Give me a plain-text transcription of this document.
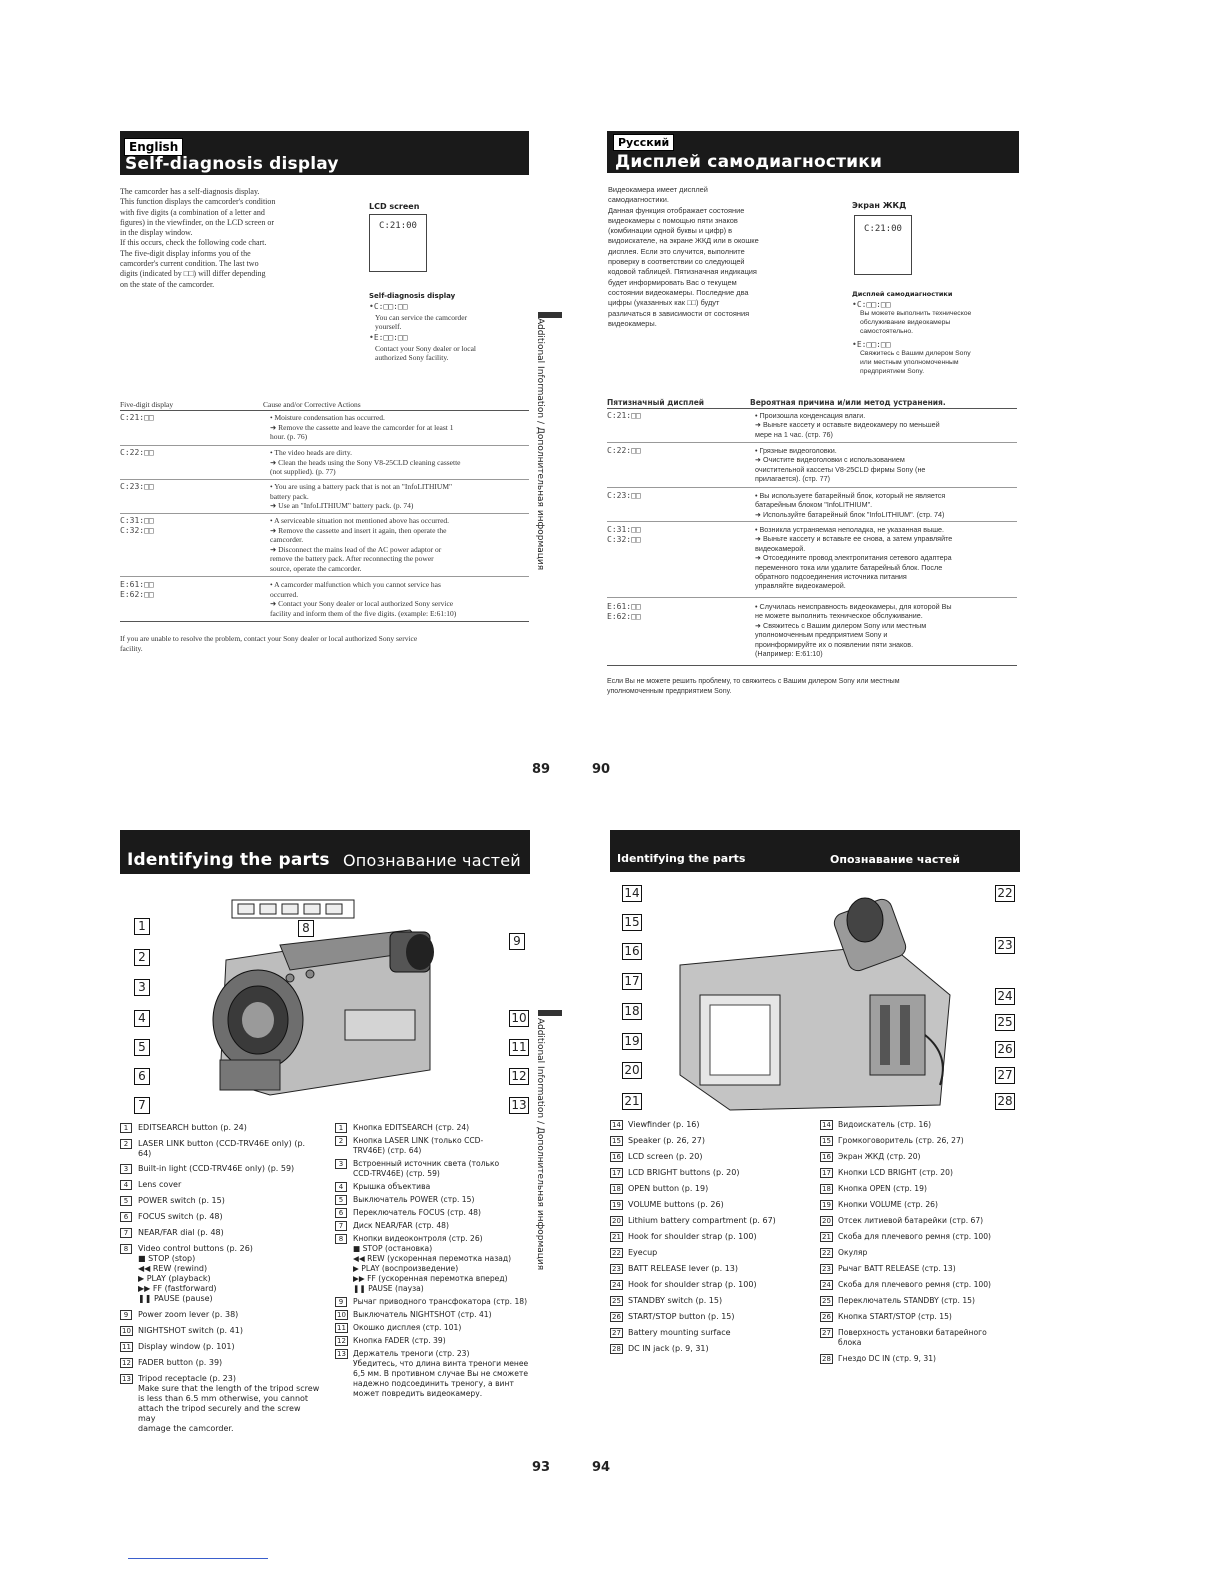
English
Self-diagnosis display
The camcorder has a self-diagnosis display.
This function displays the camcorder's condition
with five digits (a combination of a letter and
figures) in the viewfinder, on the LCD screen or
in the display window.
If this occurs, check the following code chart.
The five-digit display informs you of the
camcorder's current condition. The last two
digits (indicated by □□) will differ depending
on the state of the camcorder.
LCD screen
C:21:00
Self-diagnosis display
•C:□□:□□
You can service the camcorder
yourself.
•E:□□:□□
Contact your Sony dealer or local
authorized Sony facility.
Five-digit display	Cause and/or Corrective Actions
C:21:□□	• Moisture condensation has occurred.
➜ Remove the cassette and leave the camcorder for at least 1
hour. (p. 76)
C:22:□□	• The video heads are dirty.
➜ Clean the heads using the Sony V8-25CLD cleaning cassette
(not supplied). (p. 77)
C:23:□□	• You are using a battery pack that is not an "InfoLITHIUM"
battery pack.
➜ Use an "InfoLITHIUM" battery pack. (p. 74)
C:31:□□
C:32:□□
• A serviceable situation not mentioned above has occurred.
➜ Remove the cassette and insert it again, then operate the
camcorder.
➜ Disconnect the mains lead of the AC power adaptor or
remove the battery pack. After reconnecting the power
source, operate the camcorder.
E:61:□□
E:62:□□
• A camcorder malfunction which you cannot service has
occurred.
➜ Contact your Sony dealer or local authorized Sony service
facility and inform them of the five digits. (example: E:61:10)
If you are unable to resolve the problem, contact your Sony dealer or local authorized Sony service
facility.
Additional Information / Дополнительная информация
89
Русский
Дисплей самодиагностики
Видеокамера имеет дисплей
самодиагностики.
Данная функция отображает состояние
видеокамеры с помощью пяти знаков
(комбинации одной буквы и цифр) в
видоискателе, на экране ЖКД или в окошке
дисплея. Если это случится, выполните
проверку в соответствии со следующей
кодовой таблицей. Пятизначная индикация
будет информировать Вас о текущем
состоянии видеокамеры. Последние два
цифры (указанных как □□) будут
различаться в зависимости от состояния
видеокамеры.
Экран ЖКД
C:21:00
Дисплей самодиагностики
•C:□□:□□
Вы можете выполнить техническое
обслуживание видеокамеры
самостоятельно.
•E:□□:□□
Свяжитесь с Вашим дилером Sony
или местным уполномоченным
предприятием Sony.
Пятизначный дисплей	Вероятная причина и/или метод устранения.
C:21:□□	• Произошла конденсация влаги.
➜ Выньте кассету и оставьте видеокамеру по меньшей
мере на 1 час. (стр. 76)
C:22:□□	• Грязные видеоголовки.
➜ Очистите видеоголовки с использованием
очистительной кассеты V8-25CLD фирмы Sony (не
прилагается). (стр. 77)
C:23:□□	• Вы используете батарейный блок, который не является
батарейным блоком "InfoLITHIUM".
➜ Используйте батарейный блок "InfoLITHIUM". (стр. 74)
C:31:□□
C:32:□□
• Возникла устраняемая неполадка, не указанная выше.
➜ Выньте кассету и вставьте ее снова, а затем управляйте
видеокамерой.
➜ Отсоедините провод электропитания сетевого адаптера
переменного тока или удалите батарейный блок. После
обратного подсоединения источника питания
управляйте видеокамерой.
E:61:□□
E:62:□□
• Случилась неисправность видеокамеры, для которой Вы
не можете выполнить техническое обслуживание.
➜ Свяжитесь с Вашим дилером Sony или местным
уполномоченным предприятием Sony и
проинформируйте их о появлении пяти знаков.
(Например: E:61:10)
Если Вы не можете решить проблему, то свяжитесь с Вашим дилером Sony или местным
уполномоченным предприятием Sony.
90
Identifying the parts Опознавание частей
1
2
3
4
5
6
7
8
9
10
11
12
13
1	EDITSEARCH button (p. 24)
2	LASER LINK button (CCD-TRV46E only) (p.
64)
3	Built-in light (CCD-TRV46E only) (p. 59)
4	Lens cover
5	POWER switch (p. 15)
6	FOCUS switch (p. 48)
7	NEAR/FAR dial (p. 48)
8	Video control buttons (p. 26)
■ STOP (stop)
◀◀ REW (rewind)
▶ PLAY (playback)
▶▶ FF (fastforward)
❚❚ PAUSE (pause)
9	Power zoom lever (p. 38)
10 NIGHTSHOT switch (p. 41)
11 Display window (p. 101)
12 FADER button (p. 39)
13 Tripod receptacle (p. 23)
Make sure that the length of the tripod screw
is less than 6.5 mm otherwise, you cannot
attach the tripod securely and the screw may
damage the camcorder.
1	Кнопка EDITSEARCH (стр. 24)
2	Кнопка LASER LINK (только CCD-
TRV46E) (стр. 64)
3	Встроенный источник света (только
CCD-TRV46E) (стр. 59)
4	Крышка объектива
5	Выключатель POWER (стр. 15)
6	Переключатель FOCUS (стр. 48)
7	Диск NEAR/FAR (стр. 48)
8	Кнопки видеоконтроля (стр. 26)
■ STOP (остановка)
◀◀ REW (ускоренная перемотка назад)
▶ PLAY (воспроизведение)
▶▶ FF (ускоренная перемотка вперед)
❚❚ PAUSE (пауза)
9	Рычаг приводного трансфокатора (стр. 18)
10 Выключатель NIGHTSHOT (стр. 41)
11 Окошко дисплея (стр. 101)
12 Кнопка FADER (стр. 39)
13 Держатель треноги (стр. 23)
Убедитесь, что длина винта треноги менее
6,5 мм. В противном случае Вы не сможете
надежно подсоединить треногу, а винт
может повредить видеокамеру.
Additional Information / Дополнительная информация
93
Identifying the parts	Опознавание частей
14
15
16
17
18
19
20
21
22
23
24
25
26
27
28
14 Viewfinder (p. 16)
15 Speaker (p. 26, 27)
16 LCD screen (p. 20)
17 LCD BRIGHT buttons (p. 20)
18 OPEN button (p. 19)
19 VOLUME buttons (p. 26)
20 Lithium battery compartment (p. 67)
21 Hook for shoulder strap (p. 100)
22 Eyecup
23 BATT RELEASE lever (p. 13)
24 Hook for shoulder strap (p. 100)
25 STANDBY switch (p. 15)
26 START/STOP button (p. 15)
27 Battery mounting surface
28 DC IN jack (p. 9, 31)
14 Видоискатель (стр. 16)
15 Громкоговоритель (стр. 26, 27)
16 Экран ЖКД (стр. 20)
17 Кнопки LCD BRIGHT (стр. 20)
18 Кнопка OPEN (стр. 19)
19 Кнопки VOLUME (стр. 26)
20 Отсек литиевой батарейки (стр. 67)
21 Скоба для плечевого ремня (стр. 100)
22 Окуляр
23 Рычаг BATT RELEASE (стр. 13)
24 Скоба для плечевого ремня (стр. 100)
25 Переключатель STANDBY (стр. 15)
26 Кнопка START/STOP (стр. 15)
27 Поверхность установки батарейного
блока
28 Гнездо DC IN (стр. 9, 31)
94
